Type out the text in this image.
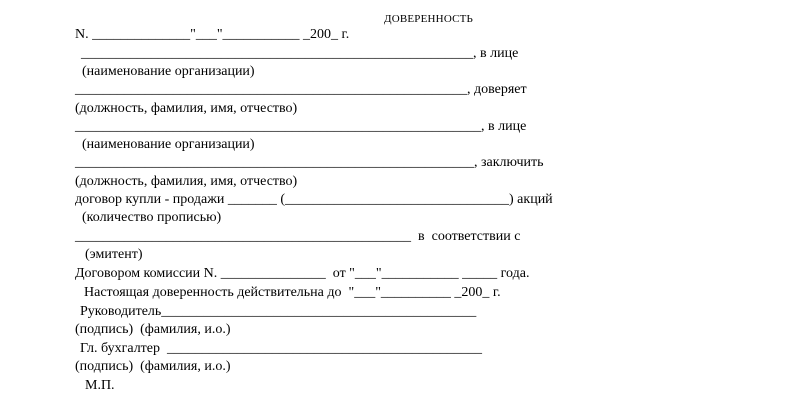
ДОВЕРЕННОСТЬ
N. ______________"___"___________ _200_ г.
________________________________________________________, в лице
(наименование организации)
________________________________________________________, доверяет
(должность, фамилия, имя, отчество)
__________________________________________________________, в лице
(наименование организации)
_________________________________________________________, заключить
(должность, фамилия, имя, отчество)
договор купли - продажи _______ (________________________________) акций
(количество прописью)
________________________________________________  в  соответствии с
(эмитент)
Договором комиссии N. _______________  от "___"___________ _____ года.
Настоящая доверенность действительна до  "___"__________ _200_ г.
Руководитель_____________________________________________
(подпись)  (фамилия, и.о.)
Гл. бухгалтер  _____________________________________________
(подпись)  (фамилия, и.о.)
М.П.
